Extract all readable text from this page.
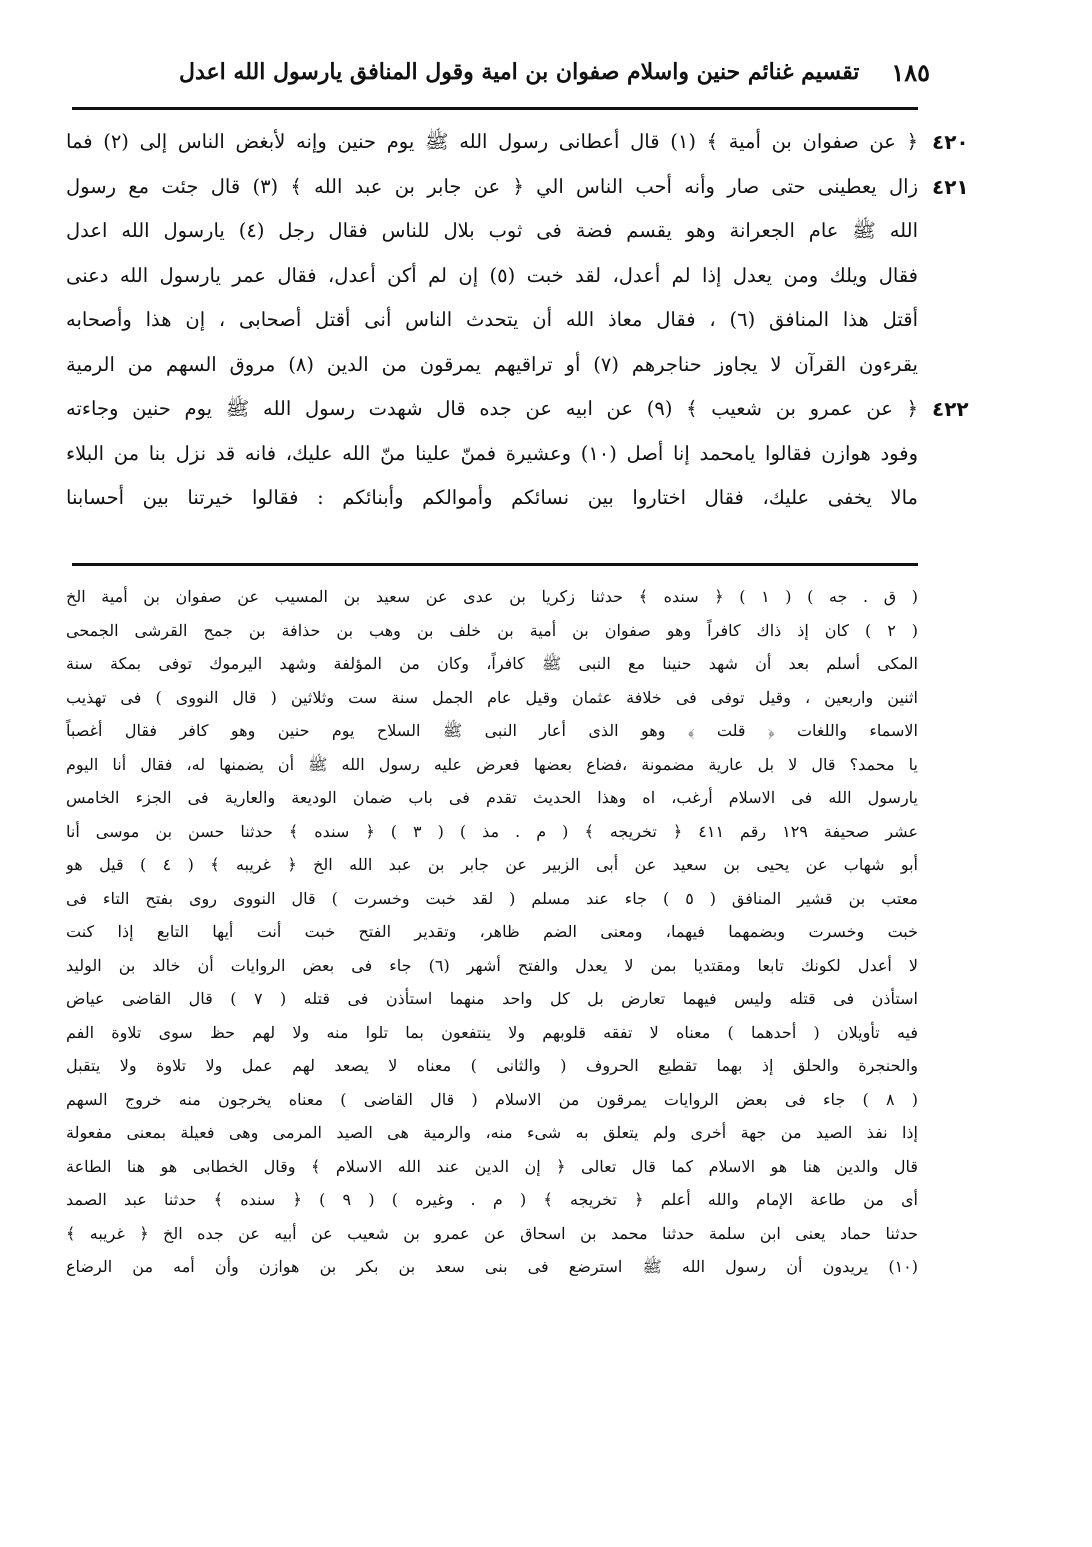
١٨٥
تقسيم غنائم حنين واسلام صفوان بن امية وقول المنافق يارسول الله اعدل
٤٢٠
٤٢١
٤٢٢
﴿ عن صفوان بن أمية ﴾ (١) قال أعطانى رسول الله ﷺ يوم حنين وإنه لأبغض الناس إلى (٢) فما
زال يعطينى حتى صار وأنه أحب الناس الي ﴿ عن جابر بن عبد الله ﴾ (٣) قال جئت مع رسول
الله ﷺ عام الجعرانة وهو يقسم فضة فى ثوب بلال للناس فقال رجل (٤) يارسول الله اعدل
فقال ويلك ومن يعدل إذا لم أعدل، لقد خبت (٥) إن لم أكن أعدل، فقال عمر يارسول الله دعنى
أقتل هذا المنافق (٦) ، فقال معاذ الله أن يتحدث الناس أنى أقتل أصحابى ، إن هذا وأصحابه
يقرءون القرآن لا يجاوز حناجرهم (٧) أو تراقيهم يمرقون من الدين (٨) مروق السهم من الرمية
﴿ عن عمرو بن شعيب ﴾ (٩) عن ابيه عن جده قال شهدت رسول الله ﷺ يوم حنين وجاءته
وفود هوازن فقالوا يامحمد إنا أصل (١٠) وعشيرة فمنّ علينا منّ الله عليك، فانه قد نزل بنا من البلاء
مالا يخفى عليك، فقال اختاروا بين نسائكم وأموالكم وأبنائكم : فقالوا خيرتنا بين أحسابنا
( ق . جه ) ( ١ ) ﴿ سنده ﴾ حدثنا زكريا بن عدى عن سعيد بن المسيب عن صفوان بن أمية الخ
( ٢ ) كان إذ ذاك كافراً وهو صفوان بن أمية بن خلف بن وهب بن حذافة بن جمح القرشى الجمحى
المكى أسلم بعد أن شهد حنينا مع النبى ﷺ كافراً، وكان من المؤلفة وشهد اليرموك توفى بمكة سنة
اثنين واربعين ، وقيل توفى فى خلافة عثمان وقيل عام الجمل سنة ست وثلاثين ( قال النووى ) فى تهذيب
الاسماء واللغات ﴿ قلت ﴾ وهو الذى أعار النبى ﷺ السلاح يوم حنين وهو كافر فقال أغصباً
يا محمد؟ قال لا بل عارية مضمونة ،فضاع بعضها فعرض عليه رسول الله ﷺ أن يضمنها له، فقال أنا اليوم
يارسول الله فى الاسلام أرغب، اه وهذا الحديث تقدم فى باب ضمان الوديعة والعارية فى الجزء الخامس
عشر صحيفة ١٢٩ رقم ٤١١ ﴿ تخريجه ﴾ ( م . مذ ) ( ٣ ) ﴿ سنده ﴾ حدثنا حسن بن موسى أنا
أبو شهاب عن يحيى بن سعيد عن أبى الزبير عن جابر بن عبد الله الخ ﴿ غريبه ﴾ ( ٤ ) قيل هو
معتب بن قشير المنافق ( ٥ ) جاء عند مسلم ( لقد خبت وخسرت ) قال النووى روى بفتح التاء فى
خبت وخسرت وبضمهما فيهما، ومعنى الضم ظاهر، وتقدير الفتح خبت أنت أيها التابع إذا كنت
لا أعدل لكونك تابعا ومقتديا بمن لا يعدل والفتح أشهر (٦) جاء فى بعض الروايات أن خالد بن الوليد
استأذن فى قتله وليس فيهما تعارض بل كل واحد منهما استأذن فى قتله ( ٧ ) قال القاضى عياض
فيه تأويلان ( أحدهما ) معناه لا تفقه قلوبهم ولا ينتفعون بما تلوا منه ولا لهم حظ سوى تلاوة الفم
والحنجرة والحلق إذ بهما تقطيع الحروف ( والثانى ) معناه لا يصعد لهم عمل ولا تلاوة ولا يتقبل
( ٨ ) جاء فى بعض الروايات يمرقون من الاسلام ( قال القاضى ) معناه يخرجون منه خروج السهم
إذا نفذ الصيد من جهة أخرى ولم يتعلق به شىء منه، والرمية هى الصيد المرمى وهى فعيلة بمعنى مفعولة
قال والدين هنا هو الاسلام كما قال تعالى ﴿ إن الدين عند الله الاسلام ﴾ وقال الخطابى هو هنا الطاعة
أى من طاعة الإمام والله أعلم ﴿ تخريجه ﴾ ( م . وغيره ) ( ٩ ) ﴿ سنده ﴾ حدثنا عبد الصمد
حدثنا حماد يعنى ابن سلمة حدثنا محمد بن اسحاق عن عمرو بن شعيب عن أبيه عن جده الخ ﴿ غريبه ﴾
(١٠) يريدون أن رسول الله ﷺ استرضع فى بنى سعد بن بكر بن هوازن وأن أمه من الرضاع
